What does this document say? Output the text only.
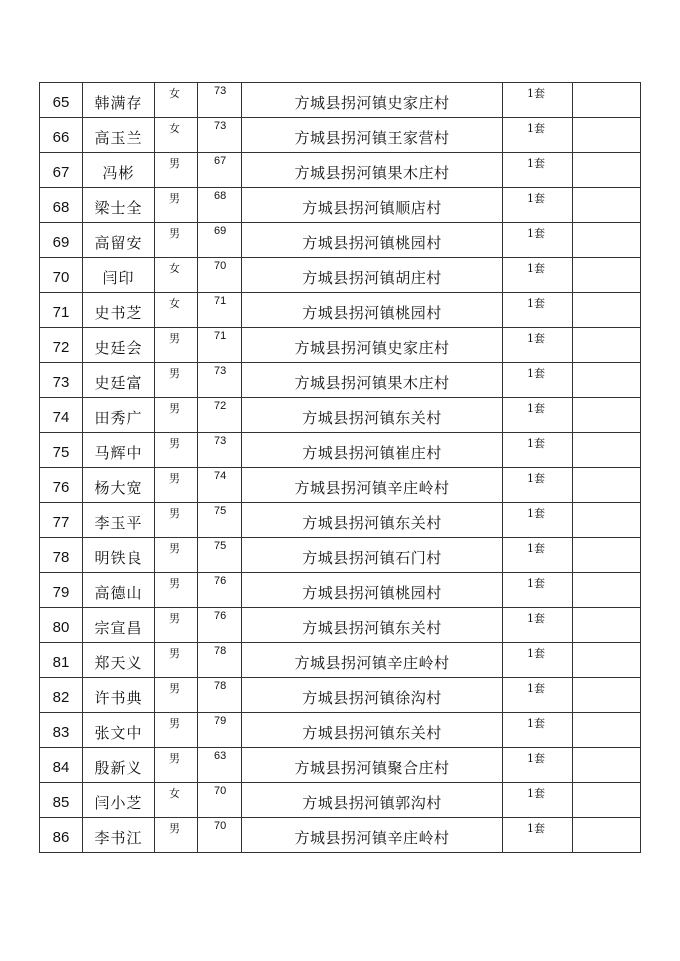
65	韩满存	女	73	方城县拐河镇史家庄村	1套	
66	高玉兰	女	73	方城县拐河镇王家营村	1套	
67	冯彬	男	67	方城县拐河镇果木庄村	1套	
68	梁士全	男	68	方城县拐河镇顺店村	1套	
69	高留安	男	69	方城县拐河镇桃园村	1套	
70	闫印	女	70	方城县拐河镇胡庄村	1套	
71	史书芝	女	71	方城县拐河镇桃园村	1套	
72	史廷会	男	71	方城县拐河镇史家庄村	1套	
73	史廷富	男	73	方城县拐河镇果木庄村	1套	
74	田秀广	男	72	方城县拐河镇东关村	1套	
75	马辉中	男	73	方城县拐河镇崔庄村	1套	
76	杨大宽	男	74	方城县拐河镇辛庄岭村	1套	
77	李玉平	男	75	方城县拐河镇东关村	1套	
78	明铁良	男	75	方城县拐河镇石门村	1套	
79	高德山	男	76	方城县拐河镇桃园村	1套	
80	宗宣昌	男	76	方城县拐河镇东关村	1套	
81	郑天义	男	78	方城县拐河镇辛庄岭村	1套	
82	许书典	男	78	方城县拐河镇徐沟村	1套	
83	张文中	男	79	方城县拐河镇东关村	1套	
84	殷新义	男	63	方城县拐河镇聚合庄村	1套	
85	闫小芝	女	70	方城县拐河镇郭沟村	1套	
86	李书江	男	70	方城县拐河镇辛庄岭村	1套	
